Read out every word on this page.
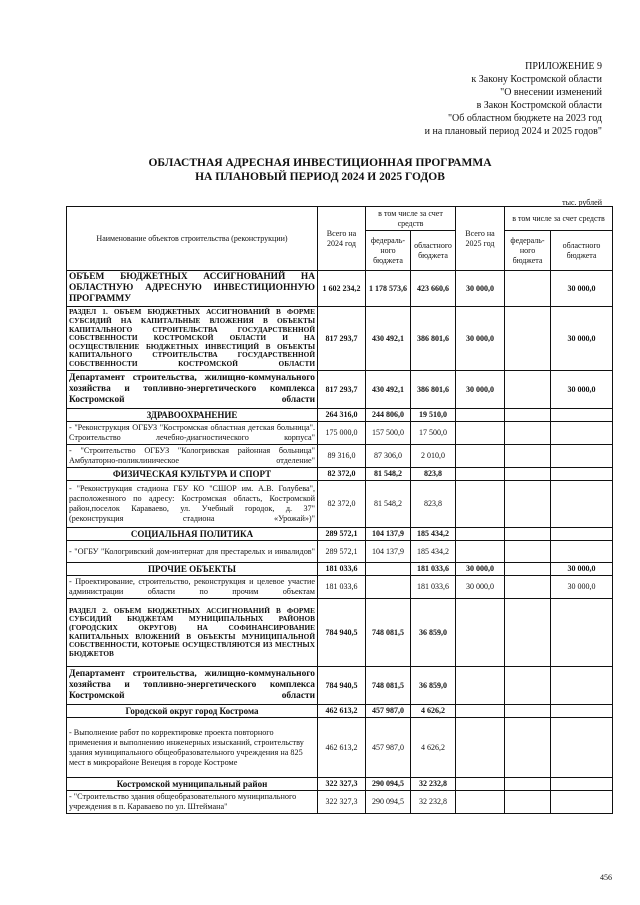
ПРИЛОЖЕНИЕ 9
к Закону Костромской области
"О внесении изменений
в Закон Костромской области
"Об областном бюджете на 2023 год
и на плановый период 2024 и 2025 годов"
ОБЛАСТНАЯ АДРЕСНАЯ ИНВЕСТИЦИОННАЯ ПРОГРАММА
НА ПЛАНОВЫЙ ПЕРИОД 2024 И 2025 ГОДОВ
тыс. рублей
Наименование объектов строительства (реконструкции)	Всего на 2024 год	в том числе за счет средств		Всего на 2025 год	в том числе за счет средств	
		федераль-ного бюджета	областного бюджета		федераль-ного бюджета	областного бюджета
ОБЪЕМ БЮДЖЕТНЫХ АССИГНОВАНИЙ НА ОБЛАСТНУЮ АДРЕСНУЮ ИНВЕСТИЦИОННУЮ ПРОГРАММУ	1 602 234,2	1 178 573,6	423 660,6	30 000,0		30 000,0
РАЗДЕЛ 1. ОБЪЕМ БЮДЖЕТНЫХ АССИГНОВАНИЙ В ФОРМЕ СУБСИДИЙ НА КАПИТАЛЬНЫЕ ВЛОЖЕНИЯ В ОБЪЕКТЫ КАПИТАЛЬНОГО СТРОИТЕЛЬСТВА ГОСУДАРСТВЕННОЙ СОБСТВЕННОСТИ КОСТРОМСКОЙ ОБЛАСТИ И НА ОСУЩЕСТВЛЕНИЕ БЮДЖЕТНЫХ ИНВЕСТИЦИЙ В ОБЪЕКТЫ КАПИТАЛЬНОГО СТРОИТЕЛЬСТВА ГОСУДАРСТВЕННОЙ СОБСТВЕННОСТИ КОСТРОМСКОЙ ОБЛАСТИ	817 293,7	430 492,1	386 801,6	30 000,0		30 000,0
Департамент строительства, жилищно-коммунального хозяйства и топливно-энергетического комплекса Костромской области	817 293,7	430 492,1	386 801,6	30 000,0		30 000,0
ЗДРАВООХРАНЕНИЕ	264 316,0	244 806,0	19 510,0			
- "Реконструкция ОГБУЗ "Костромская областная детская больница". Строительство лечебно-диагностического корпуса"	175 000,0	157 500,0	17 500,0			
- "Строительство ОГБУЗ "Кологривская районная больница" Амбулаторно-поликлиническое отделение"	89 316,0	87 306,0	2 010,0			
ФИЗИЧЕСКАЯ КУЛЬТУРА И СПОРТ	82 372,0	81 548,2	823,8			
- "Реконструкция стадиона ГБУ КО "СШОР им. А.В. Голубева", расположенного по адресу: Костромская область, Костромской район,поселок Караваево, ул. Учебный городок, д. 37" (реконструкция стадиона «Урожай»)"	82 372,0	81 548,2	823,8			
СОЦИАЛЬНАЯ ПОЛИТИКА	289 572,1	104 137,9	185 434,2			
- "ОГБУ "Кологривский дом-интернат для престарелых и инвалидов"	289 572,1	104 137,9	185 434,2			
ПРОЧИЕ ОБЪЕКТЫ	181 033,6		181 033,6	30 000,0		30 000,0
- Проектирование, строительство, реконструкция и целевое участие администрации области по прочим объектам	181 033,6		181 033,6	30 000,0		30 000,0
РАЗДЕЛ 2. ОБЪЕМ БЮДЖЕТНЫХ АССИГНОВАНИЙ В ФОРМЕ СУБСИДИЙ БЮДЖЕТАМ МУНИЦИПАЛЬНЫХ РАЙОНОВ (ГОРОДСКИХ ОКРУГОВ) НА СОФИНАНСИРОВАНИЕ КАПИТАЛЬНЫХ ВЛОЖЕНИЙ В ОБЪЕКТЫ МУНИЦИПАЛЬНОЙ СОБСТВЕННОСТИ, КОТОРЫЕ ОСУЩЕСТВЛЯЮТСЯ ИЗ МЕСТНЫХ БЮДЖЕТОВ	784 940,5	748 081,5	36 859,0			
Департамент строительства, жилищно-коммунального хозяйства и топливно-энергетического комплекса Костромской области	784 940,5	748 081,5	36 859,0			
Городской округ город Кострома	462 613,2	457 987,0	4 626,2			
- Выполнение работ по корректировке проекта повторного применения и выполнению инженерных изысканий, строительству здания муниципального общеобразовательного учреждения на 825 мест в микрорайоне Венеция в городе Костроме	462 613,2	457 987,0	4 626,2			
Костромской муниципальный район	322 327,3	290 094,5	32 232,8			
- "Строительство здания общеобразовательного муниципального учреждения в п. Караваево по ул. Штеймана"	322 327,3	290 094,5	32 232,8			
456
